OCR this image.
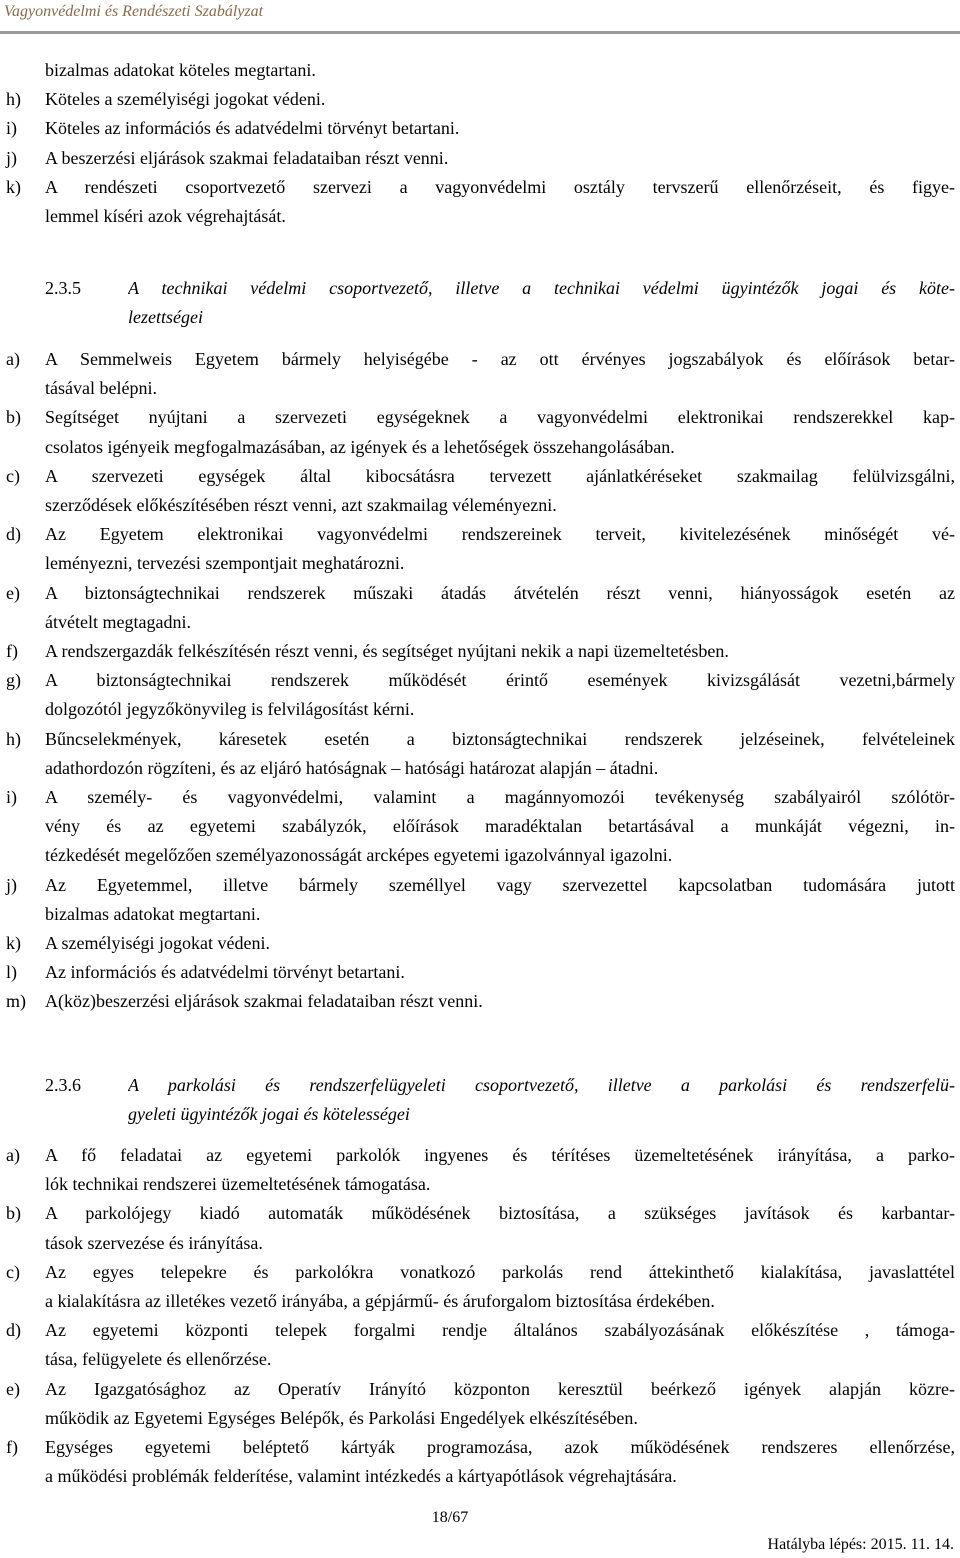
Vagyonvédelmi és Rendészeti Szabályzat
bizalmas adatokat köteles megtartani.
h) Köteles a személyiségi jogokat védeni.
i) Köteles az információs és adatvédelmi törvényt betartani.
j) A beszerzési eljárások szakmai feladataiban részt venni.
k) A rendészeti csoportvezető szervezi a vagyonvédelmi osztály tervszerű ellenőrzéseit, és figye-
lemmel kíséri azok végrehajtását.
a) A Semmelweis Egyetem bármely helyiségébe - az ott érvényes jogszabályok és előírások betar-
tásával belépni.
b) Segítséget nyújtani a szervezeti egységeknek a vagyonvédelmi elektronikai rendszerekkel kap-
csolatos igényeik megfogalmazásában, az igények és a lehetőségek összehangolásában.
c) A szervezeti egységek által kibocsátásra tervezett ajánlatkéréseket szakmailag felülvizsgálni,
szerződések előkészítésében részt venni, azt szakmailag véleményezni.
d) Az Egyetem elektronikai vagyonvédelmi rendszereinek terveit, kivitelezésének minőségét vé-
leményezni, tervezési szempontjait meghatározni.
e) A biztonságtechnikai rendszerek műszaki átadás átvételén részt venni, hiányosságok esetén az
átvételt megtagadni.
f) A rendszergazdák felkészítésén részt venni, és segítséget nyújtani nekik a napi üzemeltetésben.
g) A biztonságtechnikai rendszerek működését érintő események kivizsgálását vezetni,bármely
dolgozótól jegyzőkönyvileg is felvilágosítást kérni.
h) Bűncselekmények, káresetek esetén a biztonságtechnikai rendszerek jelzéseinek, felvételeinek
adathordozón rögzíteni, és az eljáró hatóságnak – hatósági határozat alapján – átadni.
i) A személy- és vagyonvédelmi, valamint a magánnyomozói tevékenység szabályairól szólótör-
vény és az egyetemi szabályzók, előírások maradéktalan betartásával a munkáját végezni, in-
tézkedését megelőzően személyazonosságát arcképes egyetemi igazolvánnyal igazolni.
j) Az Egyetemmel, illetve bármely személlyel vagy szervezettel kapcsolatban tudomására jutott
bizalmas adatokat megtartani.
k) A személyiségi jogokat védeni.
l) Az információs és adatvédelmi törvényt betartani.
m) A(köz)beszerzési eljárások szakmai feladataiban részt venni.
a) A fő feladatai az egyetemi parkolók ingyenes és térítéses üzemeltetésének irányítása, a parko-
lók technikai rendszerei üzemeltetésének támogatása.
b) A parkolójegy kiadó automaták működésének biztosítása, a szükséges javítások és karbantar-
tások szervezése és irányítása.
c) Az egyes telepekre és parkolókra vonatkozó parkolás rend áttekinthető kialakítása, javaslattétel
a kialakításra az illetékes vezető irányába, a gépjármű- és áruforgalom biztosítása érdekében.
d) Az egyetemi központi telepek forgalmi rendje általános szabályozásának előkészítése , támoga-
tása, felügyelete és ellenőrzése.
e) Az Igazgatósághoz az Operatív Irányító központon keresztül beérkező igények alapján közre-
működik az Egyetemi Egységes Belépők, és Parkolási Engedélyek elkészítésében.
f) Egységes egyetemi beléptető kártyák programozása, azok működésének rendszeres ellenőrzése,
a működési problémák felderítése, valamint intézkedés a kártyapótlások végrehajtására.
2.3.5	A technikai védelmi csoportvezető, illetve a technikai védelmi ügyintézők jogai és köte-
lezettségei
2.3.6	A parkolási és rendszerfelügyeleti csoportvezető, illetve a parkolási és rendszerfelü-
gyeleti ügyintézők jogai és kötelességei
18/67
Hatályba lépés: 2015. 11. 14.
